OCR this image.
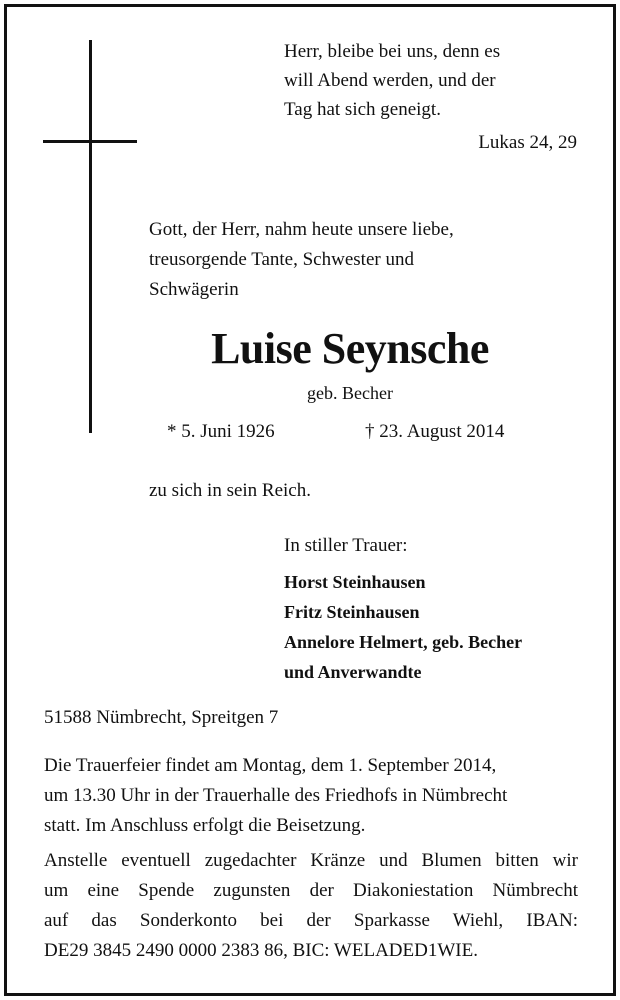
Herr, bleibe bei uns, denn es
will Abend werden, und der
Tag hat sich geneigt.
Lukas 24, 29
Gott, der Herr, nahm heute unsere liebe,
treusorgende Tante, Schwester und
Schwägerin
Luise Seynsche
geb. Becher
* 5. Juni 1926	† 23. August 2014
zu sich in sein Reich.
In stiller Trauer:
Horst Steinhausen
Fritz Steinhausen
Annelore Helmert, geb. Becher
und Anverwandte
51588 Nümbrecht, Spreitgen 7
Die Trauerfeier findet am Montag, dem 1. September 2014,
um 13.30 Uhr in der Trauerhalle des Friedhofs in Nümbrecht
statt. Im Anschluss erfolgt die Beisetzung.
Anstelle eventuell zugedachter Kränze und Blumen bitten wir
um eine Spende zugunsten der Diakoniestation Nümbrecht
auf das Sonderkonto bei der Sparkasse Wiehl, IBAN:
DE29 3845 2490 0000 2383 86, BIC: WELADED1WIE.
